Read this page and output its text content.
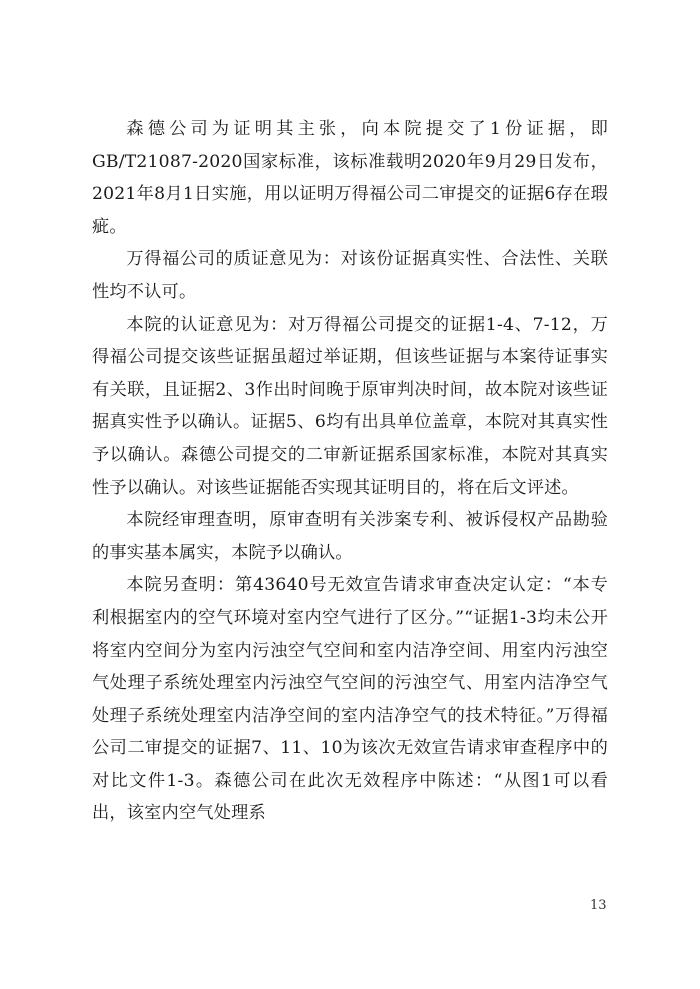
森德公司为证明其主张，向本院提交了1份证据，即GB/T21087-2020国家标准，该标准载明2020年9月29日发布，2021年8月1日实施，用以证明万得福公司二审提交的证据6存在瑕疵。

万得福公司的质证意见为：对该份证据真实性、合法性、关联性均不认可。

本院的认证意见为：对万得福公司提交的证据1-4、7-12，万得福公司提交该些证据虽超过举证期，但该些证据与本案待证事实有关联，且证据2、3作出时间晚于原审判决时间，故本院对该些证据真实性予以确认。证据5、6均有出具单位盖章，本院对其真实性予以确认。森德公司提交的二审新证据系国家标准，本院对其真实性予以确认。对该些证据能否实现其证明目的，将在后文评述。

本院经审理查明，原审查明有关涉案专利、被诉侵权产品勘验的事实基本属实，本院予以确认。

本院另查明：第43640号无效宣告请求审查决定认定：“本专利根据室内的空气环境对室内空气进行了区分。”“证据1-3均未公开将室内空间分为室内污浊空气空间和室内洁净空间、用室内污浊空气处理子系统处理室内污浊空气空间的污浊空气、用室内洁净空气处理子系统处理室内洁净空间的室内洁净空气的技术特征。”万得福公司二审提交的证据7、11、10为该次无效宣告请求审查程序中的对比文件1-3。森德公司在此次无效程序中陈述：“从图1可以看出，该室内空气处理系

13
